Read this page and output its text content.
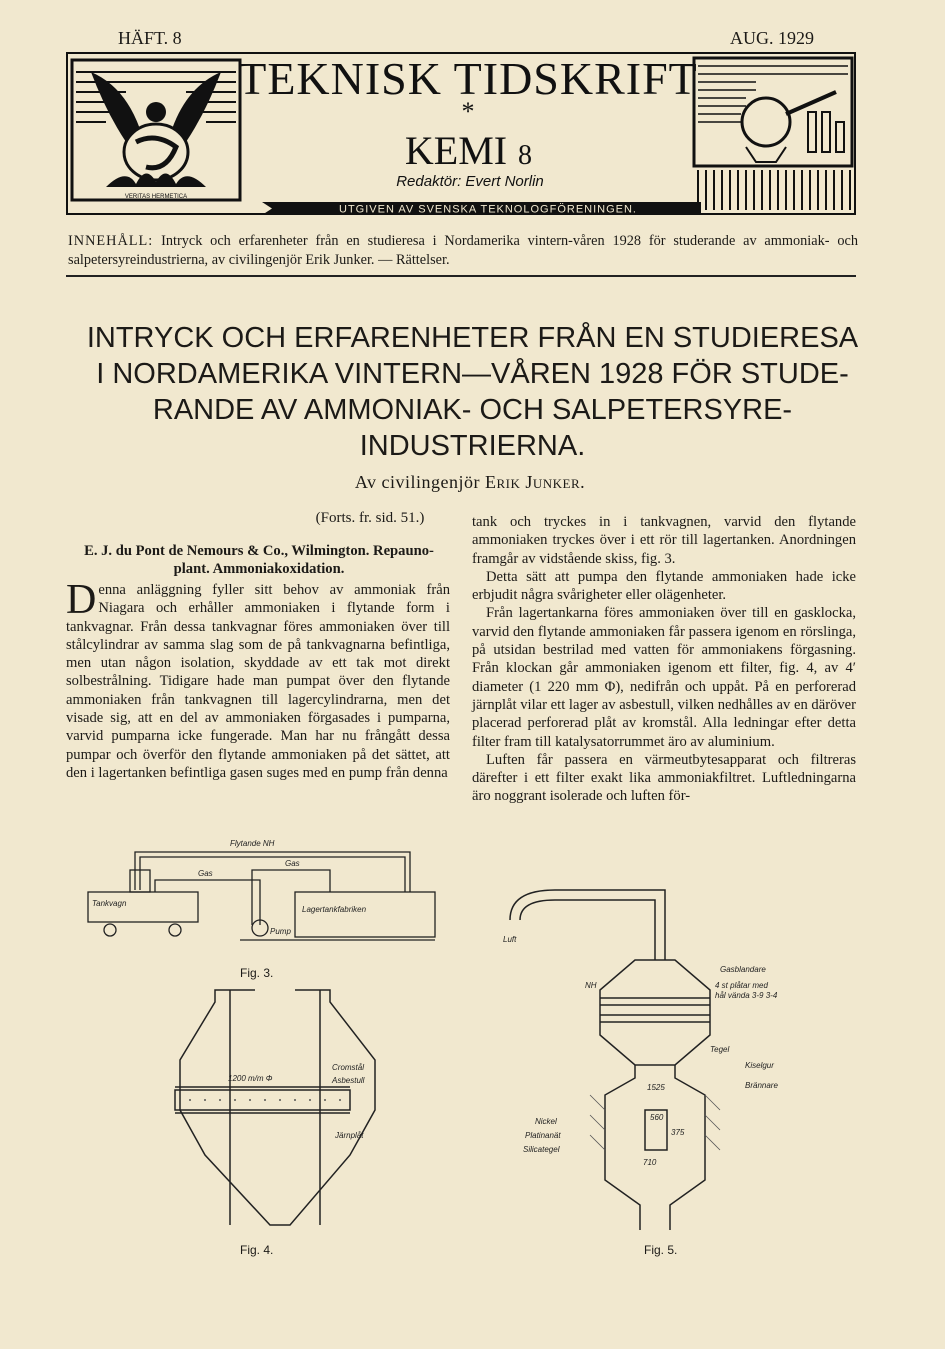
HÄFT. 8	AUG. 1929
VERITAS HERMETICA
TEKNISK TIDSKRIFT
*
KEMI 8
Redaktör: Evert Norlin
UTGIVEN AV SVENSKA TEKNOLOGFÖRENINGEN.
INNEHÅLL: Intryck och erfarenheter från en studieresa i Nordamerika vintern-våren 1928 för studerande av ammoniak- och salpetersyreindustrierna, av civilingenjör Erik Junker. — Rättelser.
INTRYCK OCH ERFARENHETER FRÅN EN STUDIERESA
I NORDAMERIKA VINTERN—VÅREN 1928 FÖR STUDE-
RANDE AV AMMONIAK- OCH SALPETERSYRE-
INDUSTRIERNA.
Av civilingenjör Erik Junker.
(Forts. fr. sid. 51.)
E. J. du Pont de Nemours & Co., Wilmington. Repauno-
plant. Ammoniakoxidation.

Denna anläggning fyller sitt behov av ammoniak från Niagara och erhåller ammoniaken i flytande form i tankvagnar. Från dessa tankvagnar föres ammoniaken över till stålcylindrar av samma slag som de på tankvagnarna befintliga, men utan någon isolation, skyddade av ett tak mot direkt solbestrålning. Tidigare hade man pumpat över den flytande ammoniaken från tankvagnen till lagercylindrarna, men det visade sig, att en del av ammoniaken förgasades i pumparna, varvid pumparna icke fungerade. Man har nu frångått dessa pumpar och överför den flytande ammoniaken på det sättet, att den i lagertanken befintliga gasen suges med en pump från denna

tank och tryckes in i tankvagnen, varvid den flytande ammoniaken tryckes över i ett rör till lagertanken. Anordningen framgår av vidstående skiss, fig. 3.

Detta sätt att pumpa den flytande ammoniaken hade icke erbjudit några svårigheter eller olägenheter.

Från lagertankarna föres ammoniaken över till en gasklocka, varvid den flytande ammoniaken får passera igenom en rörslinga, på utsidan bestrilad med vatten för ammoniakens förgasning. Från klockan går ammoniaken igenom ett filter, fig. 4, av 4′ diameter (1 220 mm Φ), nedifrån och uppåt. På en perforerad järnplåt vilar ett lager av asbestull, vilken nedhålles av en däröver placerad perforerad plåt av kromstål. Alla ledningar efter detta filter fram till katalysatorrummet äro av aluminium.

Luften får passera en värmeutbytesapparat och filtreras därefter i ett filter exakt lika ammoniakfiltret. Luftledningarna äro noggrant isolerade och luften för-

Flytande NH
Gas
Gas
Tankvagn
Lagertankfabriken
Pump
Fig. 3.
1200 m/m Φ
Cromstål
Asbestull
Järnplåt
Fig. 4.
Luft
NH
Gasblandare
4 st plåtar med
hål vända 3-9 3-4
Tegel
Kiselgur
Brännare
Nickel
Platinanät
Silicategel
1525
560
375
710
Fig. 5.
